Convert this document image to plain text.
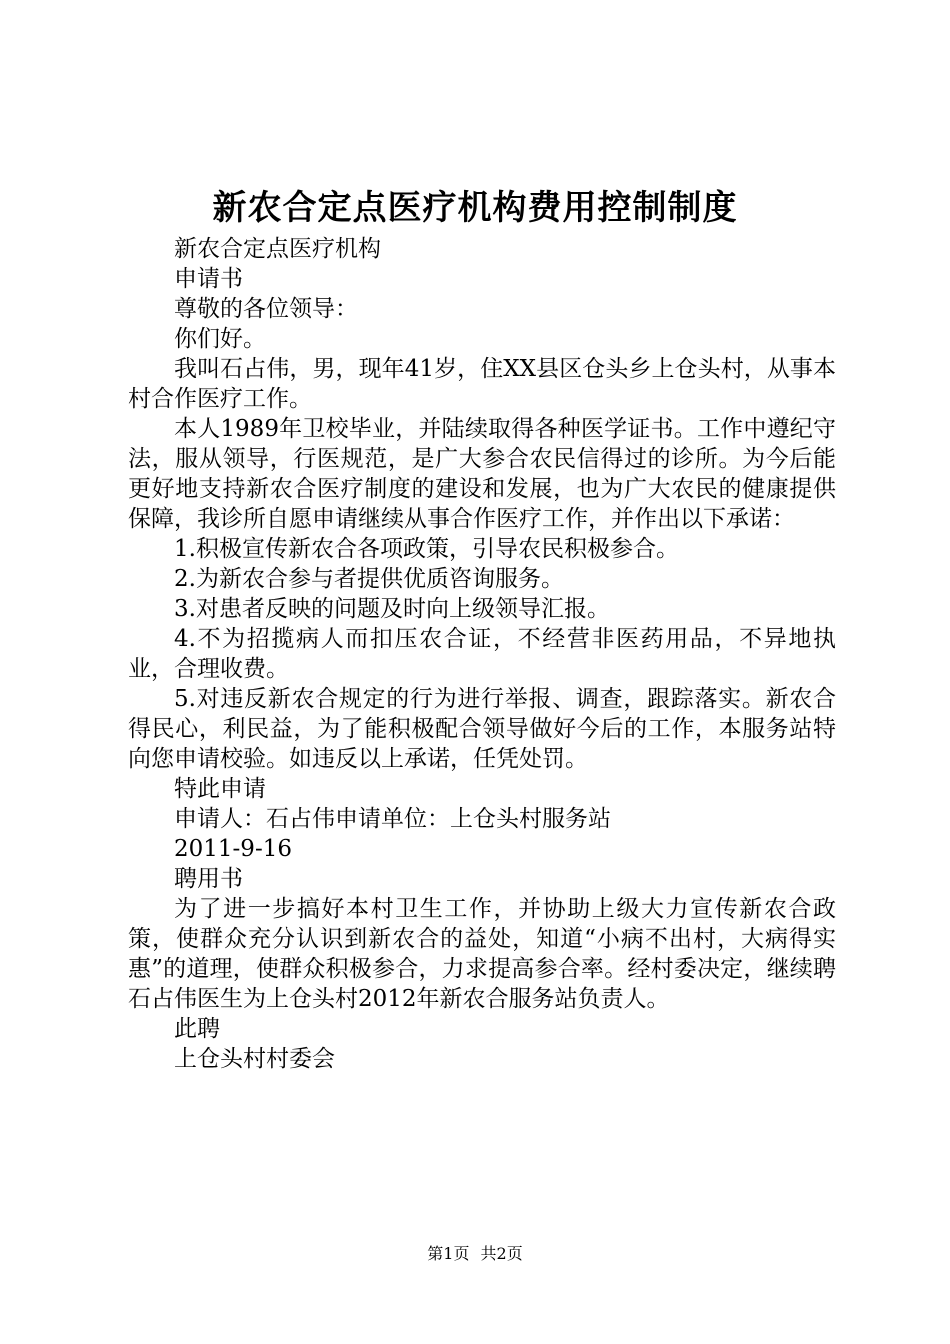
新农合定点医疗机构费用控制制度

新农合定点医疗机构

申请书

尊敬的各位领导：

你们好。

我叫石占伟，男，现年41岁，住XX县区仓头乡上仓头村，从事本村合作医疗工作。

本人1989年卫校毕业，并陆续取得各种医学证书。工作中遵纪守法，服从领导，行医规范，是广大参合农民信得过的诊所。为今后能更好地支持新农合医疗制度的建设和发展，也为广大农民的健康提供保障，我诊所自愿申请继续从事合作医疗工作，并作出以下承诺：

1.积极宣传新农合各项政策，引导农民积极参合。

2.为新农合参与者提供优质咨询服务。

3.对患者反映的问题及时向上级领导汇报。

4.不为招揽病人而扣压农合证，不经营非医药用品，不异地执业，合理收费。

5.对违反新农合规定的行为进行举报、调查，跟踪落实。新农合得民心，利民益，为了能积极配合领导做好今后的工作，本服务站特向您申请校验。如违反以上承诺，任凭处罚。

特此申请

申请人：石占伟申请单位：上仓头村服务站

2011-9-16

聘用书

为了进一步搞好本村卫生工作，并协助上级大力宣传新农合政策，使群众充分认识到新农合的益处，知道“小病不出村，大病得实惠”的道理，使群众积极参合，力求提高参合率。经村委决定，继续聘石占伟医生为上仓头村2012年新农合服务站负责人。

此聘

上仓头村村委会

第1页 共2页
